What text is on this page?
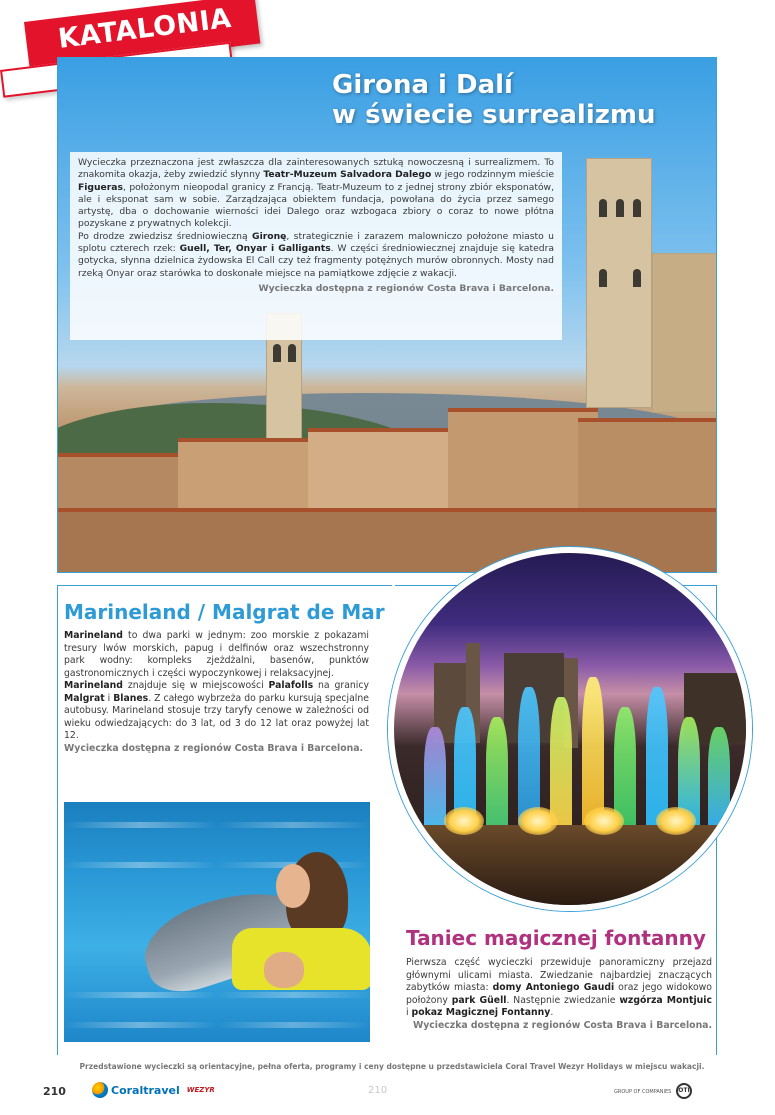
KATALONIA
Girona i Dalí
w świecie surrealizmu
Wycieczka przeznaczona jest zwłaszcza dla zainteresowanych sztuką nowoczesną i surrealizmem. To znakomita okazja, żeby zwiedzić słynny Teatr-Muzeum Salvadora Dalego w jego rodzinnym mieście Figueras, położonym nieopodal granicy z Francją. Teatr-Muzeum to z jednej strony zbiór eksponatów, ale i eksponat sam w sobie. Zarządzająca obiektem fundacja, powołana do życia przez samego artystę, dba o dochowanie wierności idei Dalego oraz wzbogaca zbiory o coraz to nowe płótna pozyskane z prywatnych kolekcji.
Po drodze zwiedzisz średniowieczną Gironę, strategicznie i zarazem malowniczo położone miasto u splotu czterech rzek: Guell, Ter, Onyar i Galligants. W części średniowiecznej znajduje się katedra gotycka, słynna dzielnica żydowska El Call czy też fragmenty potężnych murów obronnych. Mosty nad rzeką Onyar oraz starówka to doskonałe miejsce na pamiątkowe zdjęcie z wakacji.
Wycieczka dostępna z regionów Costa Brava i Barcelona.
Marineland / Malgrat de Mar
Marineland to dwa parki w jednym: zoo morskie z pokazami tresury lwów morskich, papug i delfinów oraz wszechstronny park wodny: kompleks zjeżdżalni, basenów, punktów gastronomicznych i części wypoczynkowej i relaksacyjnej.
Marineland znajduje się w miejscowości Palafolls na granicy Malgrat i Blanes. Z całego wybrzeża do parku kursują specjalne autobusy. Marineland stosuje trzy taryfy cenowe w zależności od wieku odwiedzających: do 3 lat, od 3 do 12 lat oraz powyżej lat 12.
Wycieczka dostępna z regionów Costa Brava i Barcelona.
Taniec magicznej fontanny
Pierwsza część wycieczki przewiduje panoramiczny przejazd głównymi ulicami miasta. Zwiedzanie najbardziej znaczących zabytków miasta: domy Antoniego Gaudi oraz jego widokowo położony park Güell. Następnie zwiedzanie wzgórza Montjuic i pokaz Magicznej Fontanny.
Wycieczka dostępna z regionów Costa Brava i Barcelona.
Przedstawione wycieczki są orientacyjne, pełna oferta, programy i ceny dostępne u przedstawiciela Coral Travel Wezyr Holidays w miejscu wakacji.
210	Coraltravel WEZYR	210	GROUP OF COMPANIES	OTI
